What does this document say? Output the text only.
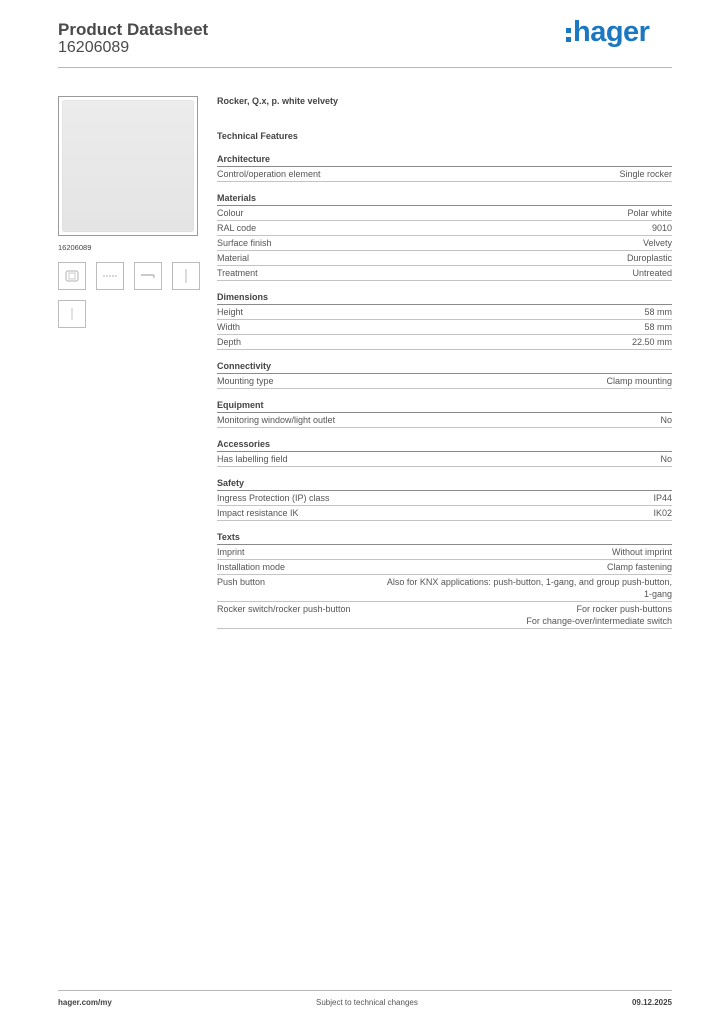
Product Datasheet
16206089	hager
16206089
Rocker, Q.x, p. white velvety
Technical Features
Architecture
Control/operation element	Single rocker
Materials
Colour	Polar white
RAL code	9010
Surface finish	Velvety
Material	Duroplastic
Treatment	Untreated
Dimensions
Height	58 mm
Width	58 mm
Depth	22.50 mm
Connectivity
Mounting type	Clamp mounting
Equipment
Monitoring window/light outlet	No
Accessories
Has labelling field	No
Safety
Ingress Protection (IP) class	IP44
Impact resistance IK	IK02
Texts
Imprint	Without imprint
Installation mode	Clamp fastening
Push button	Also for KNX applications: push-button, 1-gang, and group push-button,
1-gang
Rocker switch/rocker push-button	For rocker push-buttons
For change-over/intermediate switch
hager.com/my	Subject to technical changes	09.12.2025
